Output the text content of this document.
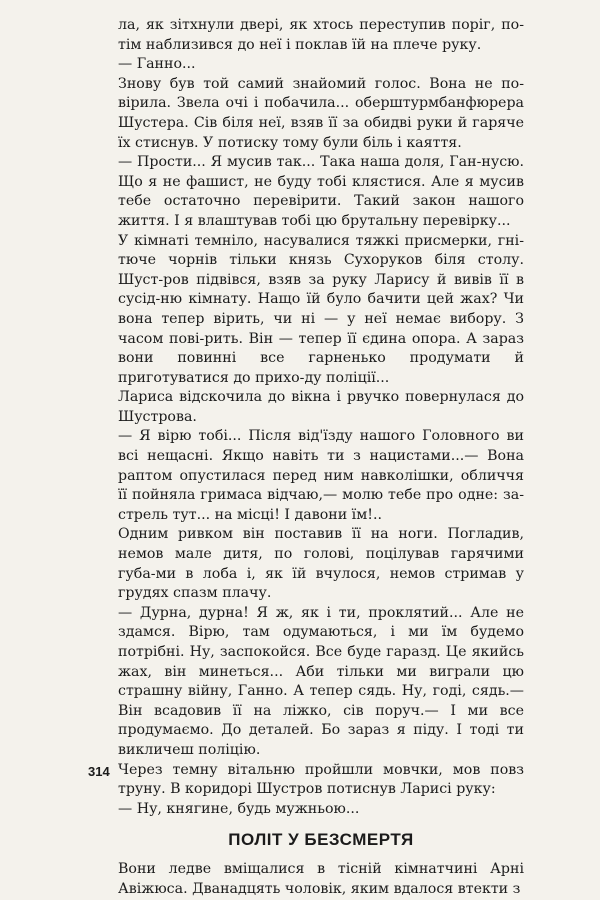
ла, як зітхнули двері, як хтось переступив поріг, по-тім наблизився до неї і поклав їй на плече руку.

— Ганно...

Знову був той самий знайомий голос. Вона не по-вірила. Звела очі і побачила... оберштурмбанфюрера Шустера. Сів біля неї, взяв її за обидві руки й гаряче їх стиснув. У потиску тому були біль і каяття.

— Прости... Я мусив так... Така наша доля, Ган-нусю. Що я не фашист, не буду тобі клястися. Але я мусив тебе остаточно перевірити. Такий закон нашого життя. І я влаштував тобі цю брутальну перевірку...

У кімнаті темніло, насувалися тяжкі присмерки, гні-тюче чорнів тільки князь Сухоруков біля столу. Шуст-ров підвівся, взяв за руку Ларису й вивів її в сусід-ню кімнату. Нащо їй було бачити цей жах? Чи вона тепер вірить, чи ні — у неї немає вибору. З часом пові-рить. Він — тепер її єдина опора. А зараз вони повинні все гарненько продумати й приготуватися до прихо-ду поліції...

Лариса відскочила до вікна і рвучко повернулася до Шустрова.

— Я вірю тобі... Після від'їзду нашого Головного ви всі нещасні. Якщо навіть ти з нацистами...— Вона раптом опустилася перед ним навколішки, обличчя її пойняла гримаса відчаю,— молю тебе про одне: за-стрель тут... на місці! І давони їм!..

Одним ривком він поставив її на ноги. Погладив, немов мале дитя, по голові, поцілував гарячими губа-ми в лоба і, як їй вчулося, немов стримав у грудях спазм плачу.

— Дурна, дурна! Я ж, як і ти, проклятий... Але не здамся. Вірю, там одумаються, і ми їм будемо потрібні. Ну, заспокойся. Все буде гаразд. Це якийсь жах, він минеться... Аби тільки ми виграли цю страшну війну, Ганно. А тепер сядь. Ну, годі, сядь.— Він всадовив її на ліжко, сів поруч.— І ми все продумаємо. До деталей. Бо зараз я піду. І тоді ти викличеш поліцію.

Через темну вітальню пройшли мовчки, мов повз труну. В коридорі Шустров потиснув Ларисі руку:

— Ну, княгине, будь мужньою...

ПОЛІТ У БЕЗСМЕРТЯ

Вони ледве вміщалися в тісній кімнатчині Арні Авіжюса. Дванадцять чоловік, яким вдалося втекти з

314
